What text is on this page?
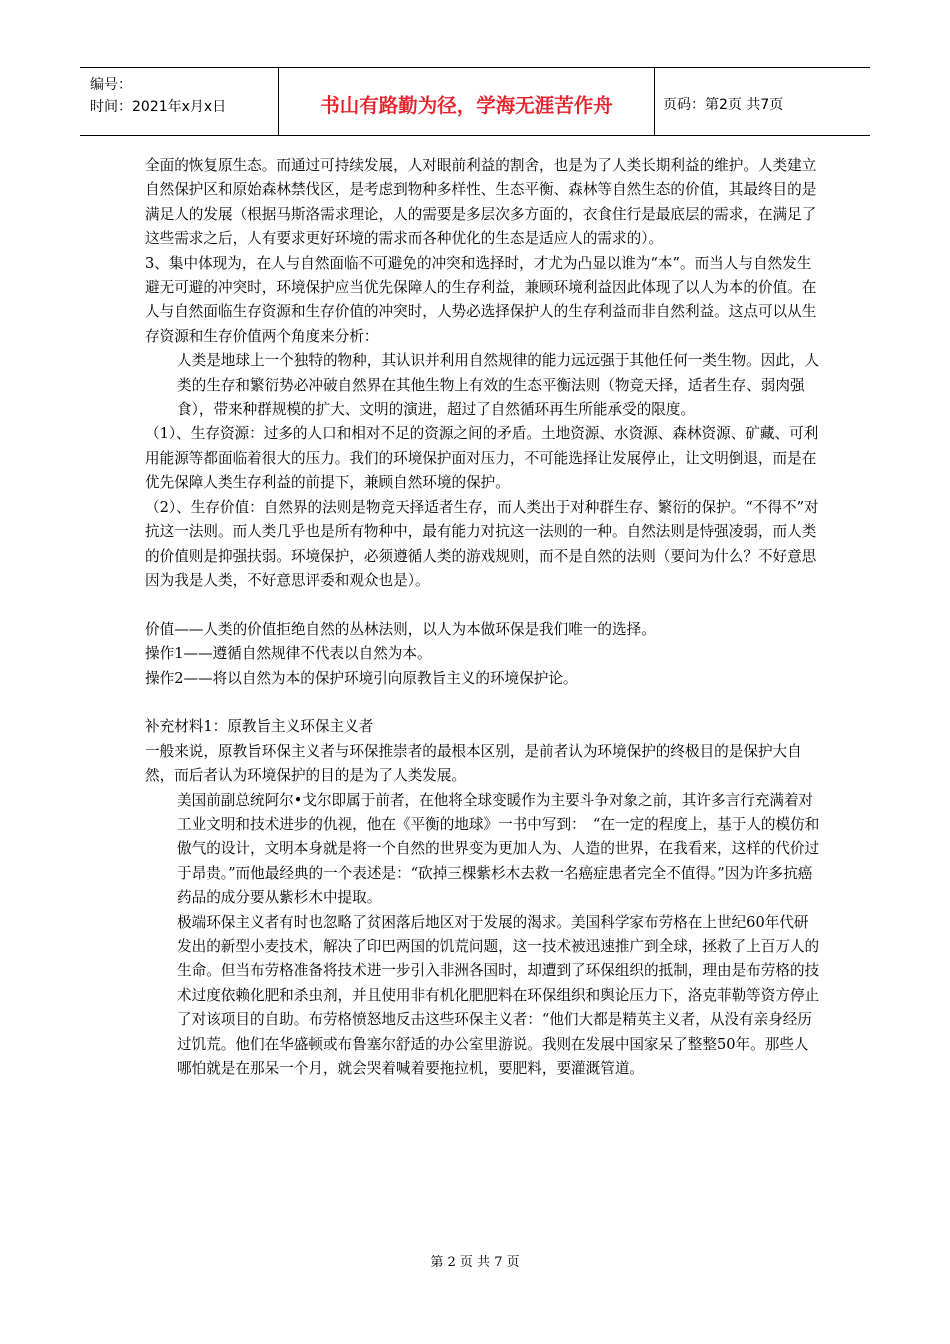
编号：
时间：2021年x月x日	书山有路勤为径，学海无涯苦作舟	页码：第2页 共7页

全面的恢复原生态。而通过可持续发展，人对眼前利益的割舍，也是为了人类长期利益的维护。人类建立自然保护区和原始森林禁伐区，是考虑到物种多样性、生态平衡、森林等自然生态的价值，其最终目的是满足人的发展（根据马斯洛需求理论，人的需要是多层次多方面的，衣食住行是最底层的需求，在满足了这些需求之后，人有要求更好环境的需求而各种优化的生态是适应人的需求的）。

3、集中体现为，在人与自然面临不可避免的冲突和选择时，才尤为凸显以谁为“本”。而当人与自然发生避无可避的冲突时，环境保护应当优先保障人的生存利益，兼顾环境利益因此体现了以人为本的价值。在人与自然面临生存资源和生存价值的冲突时，人势必选择保护人的生存利益而非自然利益。这点可以从生存资源和生存价值两个角度来分析：

人类是地球上一个独特的物种，其认识并利用自然规律的能力远远强于其他任何一类生物。因此，人类的生存和繁衍势必冲破自然界在其他生物上有效的生态平衡法则（物竞天择，适者生存、弱肉强食），带来种群规模的扩大、文明的演进，超过了自然循环再生所能承受的限度。

（1）、生存资源：过多的人口和相对不足的资源之间的矛盾。土地资源、水资源、森林资源、矿藏、可利用能源等都面临着很大的压力。我们的环境保护面对压力，不可能选择让发展停止，让文明倒退，而是在优先保障人类生存利益的前提下，兼顾自然环境的保护。

（2）、生存价值：自然界的法则是物竞天择适者生存，而人类出于对种群生存、繁衍的保护。“不得不”对抗这一法则。而人类几乎也是所有物种中，最有能力对抗这一法则的一种。自然法则是恃强凌弱，而人类的价值则是抑强扶弱。环境保护，必须遵循人类的游戏规则，而不是自然的法则（要问为什么？不好意思因为我是人类，不好意思评委和观众也是）。

价值——人类的价值拒绝自然的丛林法则，以人为本做环保是我们唯一的选择。

操作1——遵循自然规律不代表以自然为本。

操作2——将以自然为本的保护环境引向原教旨主义的环境保护论。

补充材料1：原教旨主义环保主义者

一般来说，原教旨环保主义者与环保推崇者的最根本区别，是前者认为环境保护的终极目的是保护大自然，而后者认为环境保护的目的是为了人类发展。

美国前副总统阿尔•戈尔即属于前者，在他将全球变暖作为主要斗争对象之前，其许多言行充满着对工业文明和技术进步的仇视，他在《平衡的地球》一书中写到：　“在一定的程度上，基于人的模仿和傲气的设计，文明本身就是将一个自然的世界变为更加人为、人造的世界，在我看来，这样的代价过于昂贵。”而他最经典的一个表述是：“砍掉三棵紫杉木去救一名癌症患者完全不值得。”因为许多抗癌药品的成分要从紫杉木中提取。

极端环保主义者有时也忽略了贫困落后地区对于发展的渴求。美国科学家布劳格在上世纪60年代研发出的新型小麦技术，解决了印巴两国的饥荒问题，这一技术被迅速推广到全球，拯救了上百万人的生命。但当布劳格准备将技术进一步引入非洲各国时，却遭到了环保组织的抵制，理由是布劳格的技术过度依赖化肥和杀虫剂，并且使用非有机化肥肥料在环保组织和舆论压力下，洛克菲勒等资方停止了对该项目的自助。布劳格愤怒地反击这些环保主义者：“他们大都是精英主义者，从没有亲身经历过饥荒。他们在华盛顿或布鲁塞尔舒适的办公室里游说。我则在发展中国家呆了整整50年。那些人哪怕就是在那呆一个月，就会哭着喊着要拖拉机，要肥料，要灌溉管道。

第 2 页 共 7 页
